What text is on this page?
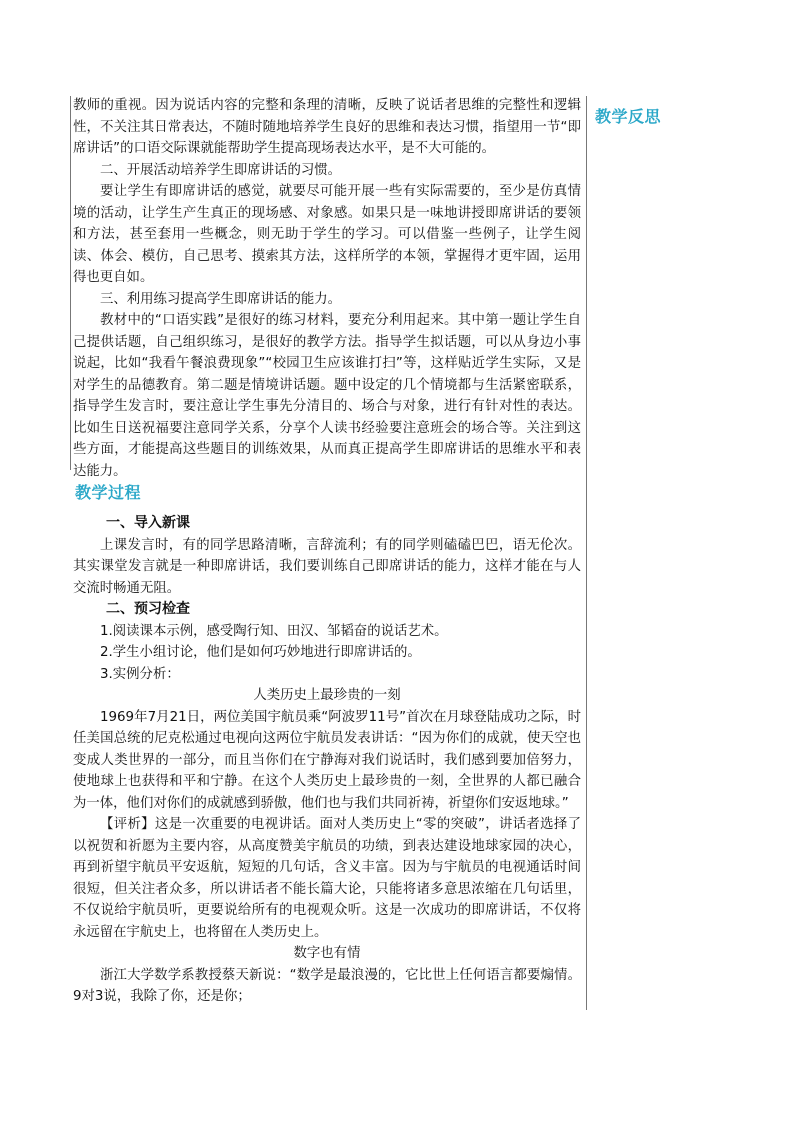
教学反思

教师的重视。因为说话内容的完整和条理的清晰，反映了说话者思维的完整性和逻辑性，不关注其日常表达，不随时随地培养学生良好的思维和表达习惯，指望用一节“即席讲话”的口语交际课就能帮助学生提高现场表达水平，是不大可能的。

二、开展活动培养学生即席讲话的习惯。

要让学生有即席讲话的感觉，就要尽可能开展一些有实际需要的，至少是仿真情境的活动，让学生产生真正的现场感、对象感。如果只是一味地讲授即席讲话的要领和方法，甚至套用一些概念，则无助于学生的学习。可以借鉴一些例子，让学生阅读、体会、模仿，自己思考、摸索其方法，这样所学的本领，掌握得才更牢固，运用得也更自如。

三、利用练习提高学生即席讲话的能力。

教材中的“口语实践”是很好的练习材料，要充分利用起来。其中第一题让学生自己提供话题，自己组织练习，是很好的教学方法。指导学生拟话题，可以从身边小事说起，比如“我看午餐浪费现象”“校园卫生应该谁打扫”等，这样贴近学生实际，又是对学生的品德教育。第二题是情境讲话题。题中设定的几个情境都与生活紧密联系，指导学生发言时，要注意让学生事先分清目的、场合与对象，进行有针对性的表达。比如生日送祝福要注意同学关系，分享个人读书经验要注意班会的场合等。关注到这些方面，才能提高这些题目的训练效果，从而真正提高学生即席讲话的思维水平和表达能力。

教学过程

一、导入新课

上课发言时，有的同学思路清晰，言辞流利；有的同学则磕磕巴巴，语无伦次。其实课堂发言就是一种即席讲话，我们要训练自己即席讲话的能力，这样才能在与人交流时畅通无阻。

二、预习检查

1.阅读课本示例，感受陶行知、田汉、邹韬奋的说话艺术。

2.学生小组讨论，他们是如何巧妙地进行即席讲话的。

3.实例分析：

人类历史上最珍贵的一刻

1969年7月21日，两位美国宇航员乘“阿波罗11号”首次在月球登陆成功之际，时任美国总统的尼克松通过电视向这两位宇航员发表讲话：“因为你们的成就，使天空也变成人类世界的一部分，而且当你们在宁静海对我们说话时，我们感到要加倍努力，使地球上也获得和平和宁静。在这个人类历史上最珍贵的一刻，全世界的人都已融合为一体，他们对你们的成就感到骄傲，他们也与我们共同祈祷，祈望你们安返地球。”

【评析】这是一次重要的电视讲话。面对人类历史上“零的突破”，讲话者选择了以祝贺和祈愿为主要内容，从高度赞美宇航员的功绩，到表达建设地球家园的决心，再到祈望宇航员平安返航，短短的几句话，含义丰富。因为与宇航员的电视通话时间很短，但关注者众多，所以讲话者不能长篇大论，只能将诸多意思浓缩在几句话里，不仅说给宇航员听，更要说给所有的电视观众听。这是一次成功的即席讲话，不仅将永远留在宇航史上，也将留在人类历史上。

数字也有情

浙江大学数学系教授蔡天新说：“数学是最浪漫的，它比世上任何语言都要煽情。9对3说，我除了你，还是你；
